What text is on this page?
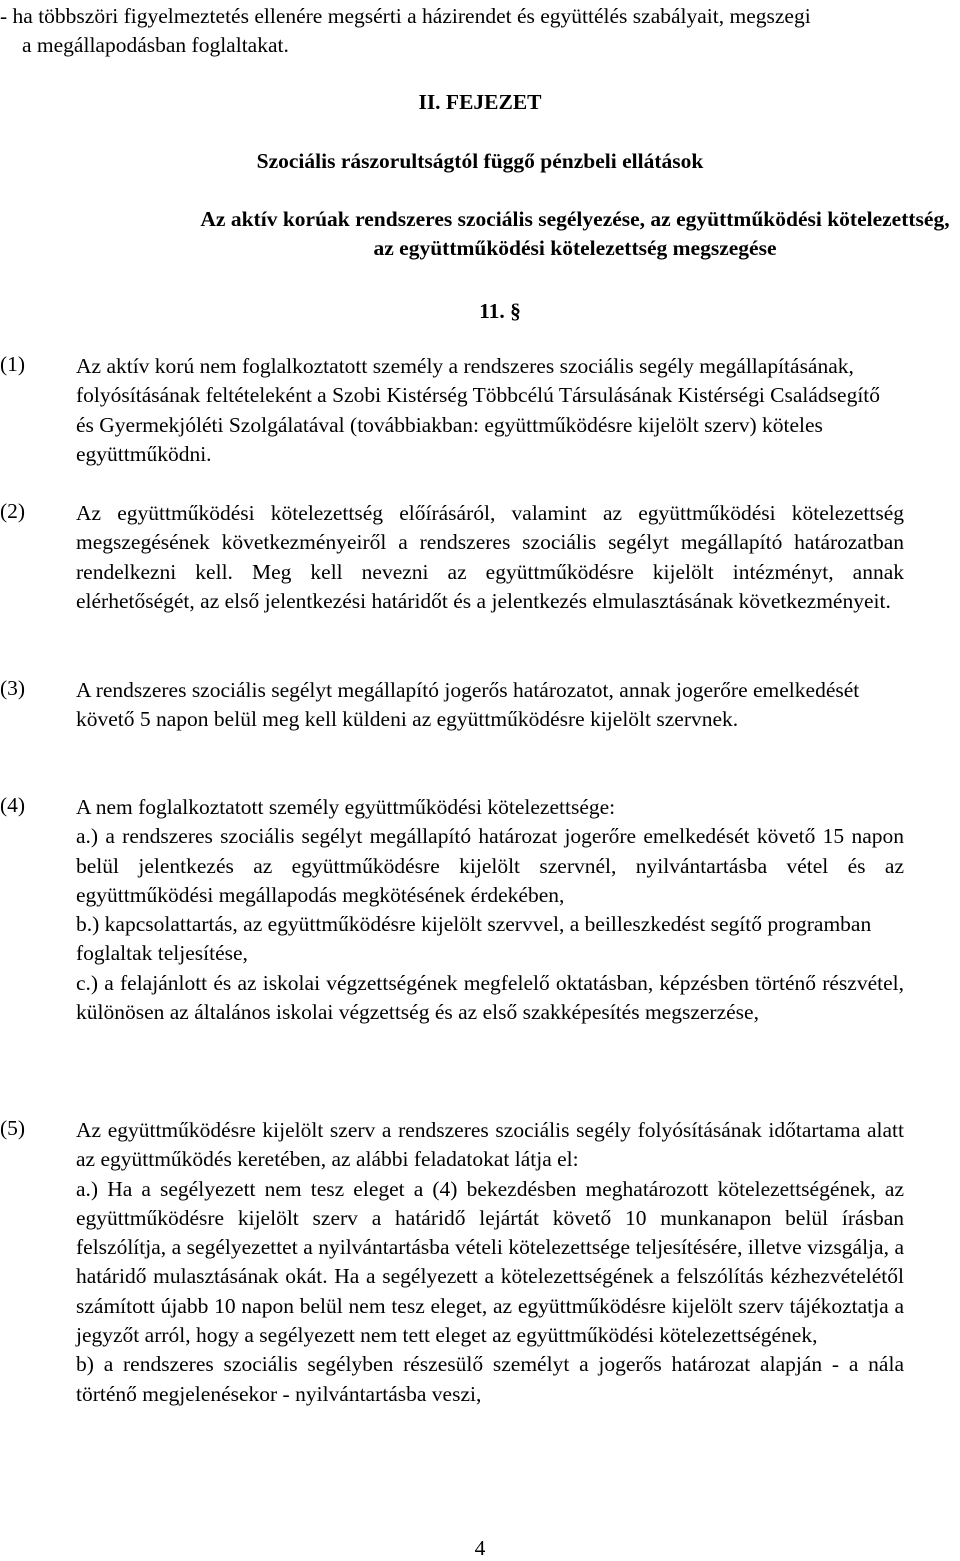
- ha többszöri figyelmeztetés ellenére megsérti a házirendet és együttélés szabályait, megszegi

a megállapodásban foglaltakat.

II. FEJEZET
Szociális rászorultságtól függő pénzbeli ellátások
Az aktív korúak rendszeres szociális segélyezése, az együttműködési kötelezettség, az együttműködési kötelezettség megszegése
11. §
(1)	Az aktív korú nem foglalkoztatott személy a rendszeres szociális segély megállapításának, folyósításának feltételeként a Szobi Kistérség Többcélú Társulásának Kistérségi Családsegítő és Gyermekjóléti Szolgálatával (továbbiakban: együttműködésre kijelölt szerv) köteles együttműködni.
(2)	Az együttműködési kötelezettség előírásáról, valamint az együttműködési kötelezettség megszegésének következményeiről a rendszeres szociális segélyt megállapító határozatban rendelkezni kell. Meg kell nevezni az együttműködésre kijelölt intézményt, annak elérhetőségét, az első jelentkezési határidőt és a jelentkezés elmulasztásának következményeit.
(3)	A rendszeres szociális segélyt megállapító jogerős határozatot, annak jogerőre emelkedését követő 5 napon belül meg kell küldeni az együttműködésre kijelölt szervnek.
(4)	A nem foglalkoztatott személy együttműködési kötelezettsége:
a.) a rendszeres szociális segélyt megállapító határozat jogerőre emelkedését követő 15 napon belül jelentkezés az együttműködésre kijelölt szervnél, nyilvántartásba vétel és az együttműködési megállapodás megkötésének érdekében,
b.) kapcsolattartás, az együttműködésre kijelölt szervvel, a beilleszkedést segítő programban foglaltak teljesítése,
c.) a felajánlott és az iskolai végzettségének megfelelő oktatásban, képzésben történő részvétel, különösen az általános iskolai végzettség és az első szakképesítés megszerzése,
(5)	Az együttműködésre kijelölt szerv a rendszeres szociális segély folyósításának időtartama alatt az együttműködés keretében, az alábbi feladatokat látja el:
a.) Ha a segélyezett nem tesz eleget a (4) bekezdésben meghatározott kötelezettségének, az együttműködésre kijelölt szerv a határidő lejártát követő 10 munkanapon belül írásban felszólítja, a segélyezettet a nyilvántartásba vételi kötelezettsége teljesítésére, illetve vizsgálja, a határidő mulasztásának okát. Ha a segélyezett a kötelezettségének a felszólítás kézhezvételétől számított újabb 10 napon belül nem tesz eleget, az együttműködésre kijelölt szerv tájékoztatja a jegyzőt arról, hogy a segélyezett nem tett eleget az együttműködési kötelezettségének,
b) a rendszeres szociális segélyben részesülő személyt a jogerős határozat alapján - a nála történő megjelenésekor - nyilvántartásba veszi,
4
